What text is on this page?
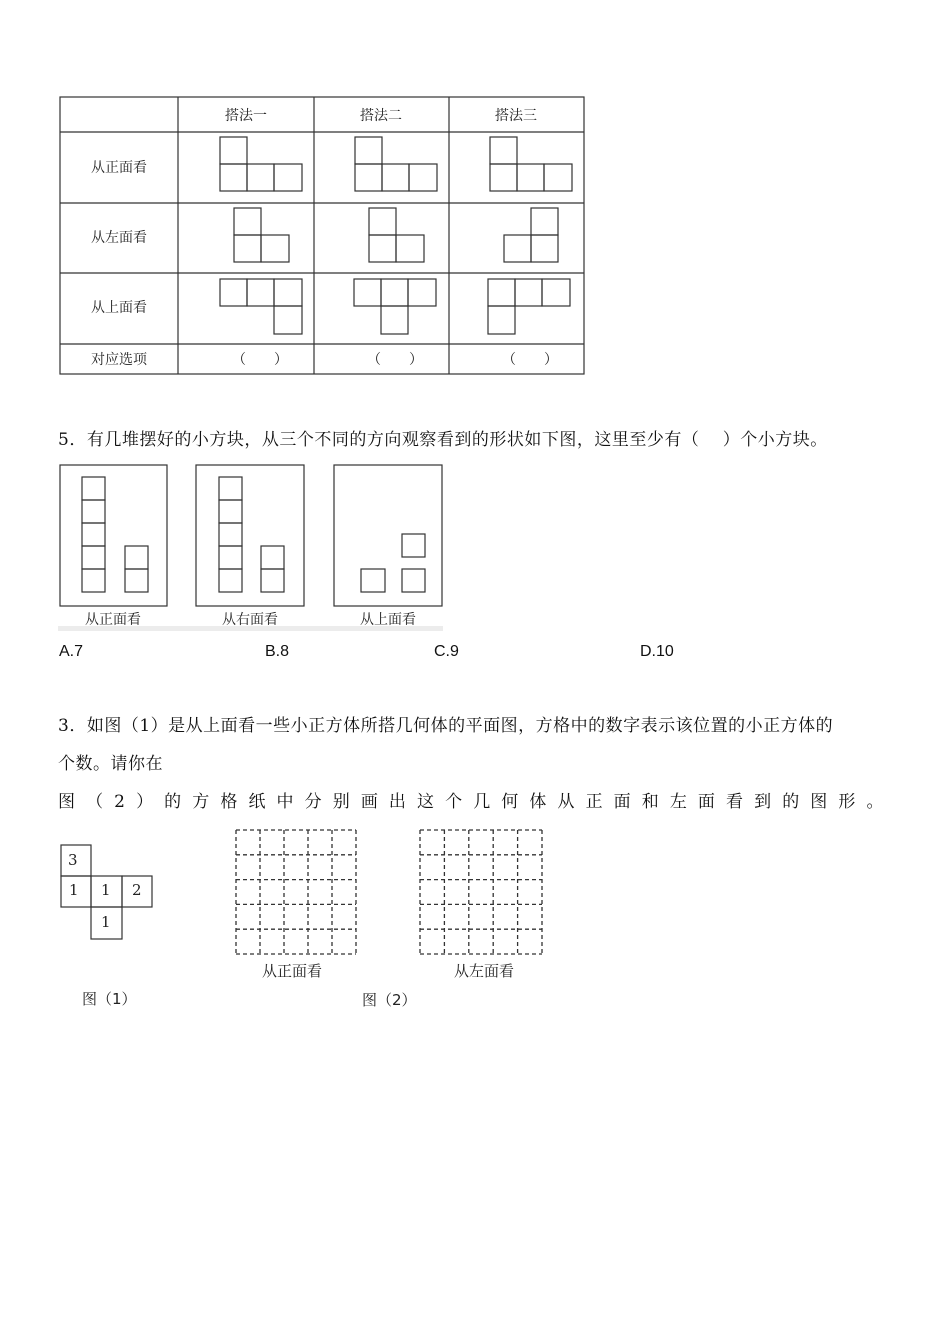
搭法一	搭法二	搭法三
从正面看
从左面看
从上面看
对应选项	（　　）	（　　）	（　　）
5．有几堆摆好的小方块，从三个不同的方向观察看到的形状如下图，这里至少有（　 ）个小方块。
从正面看	从右面看	从上面看
A.7	B.8	C.9	D.10
3．如图（1）是从上面看一些小正方体所搭几何体的平面图，方格中的数字表示该位置的小正方体的
个数。请你在
图（2）的方格纸中分别画出这个几何体从正面和左面看到的图形。
3
1 1 2
1
图（1）
从正面看	从左面看
图（2）
